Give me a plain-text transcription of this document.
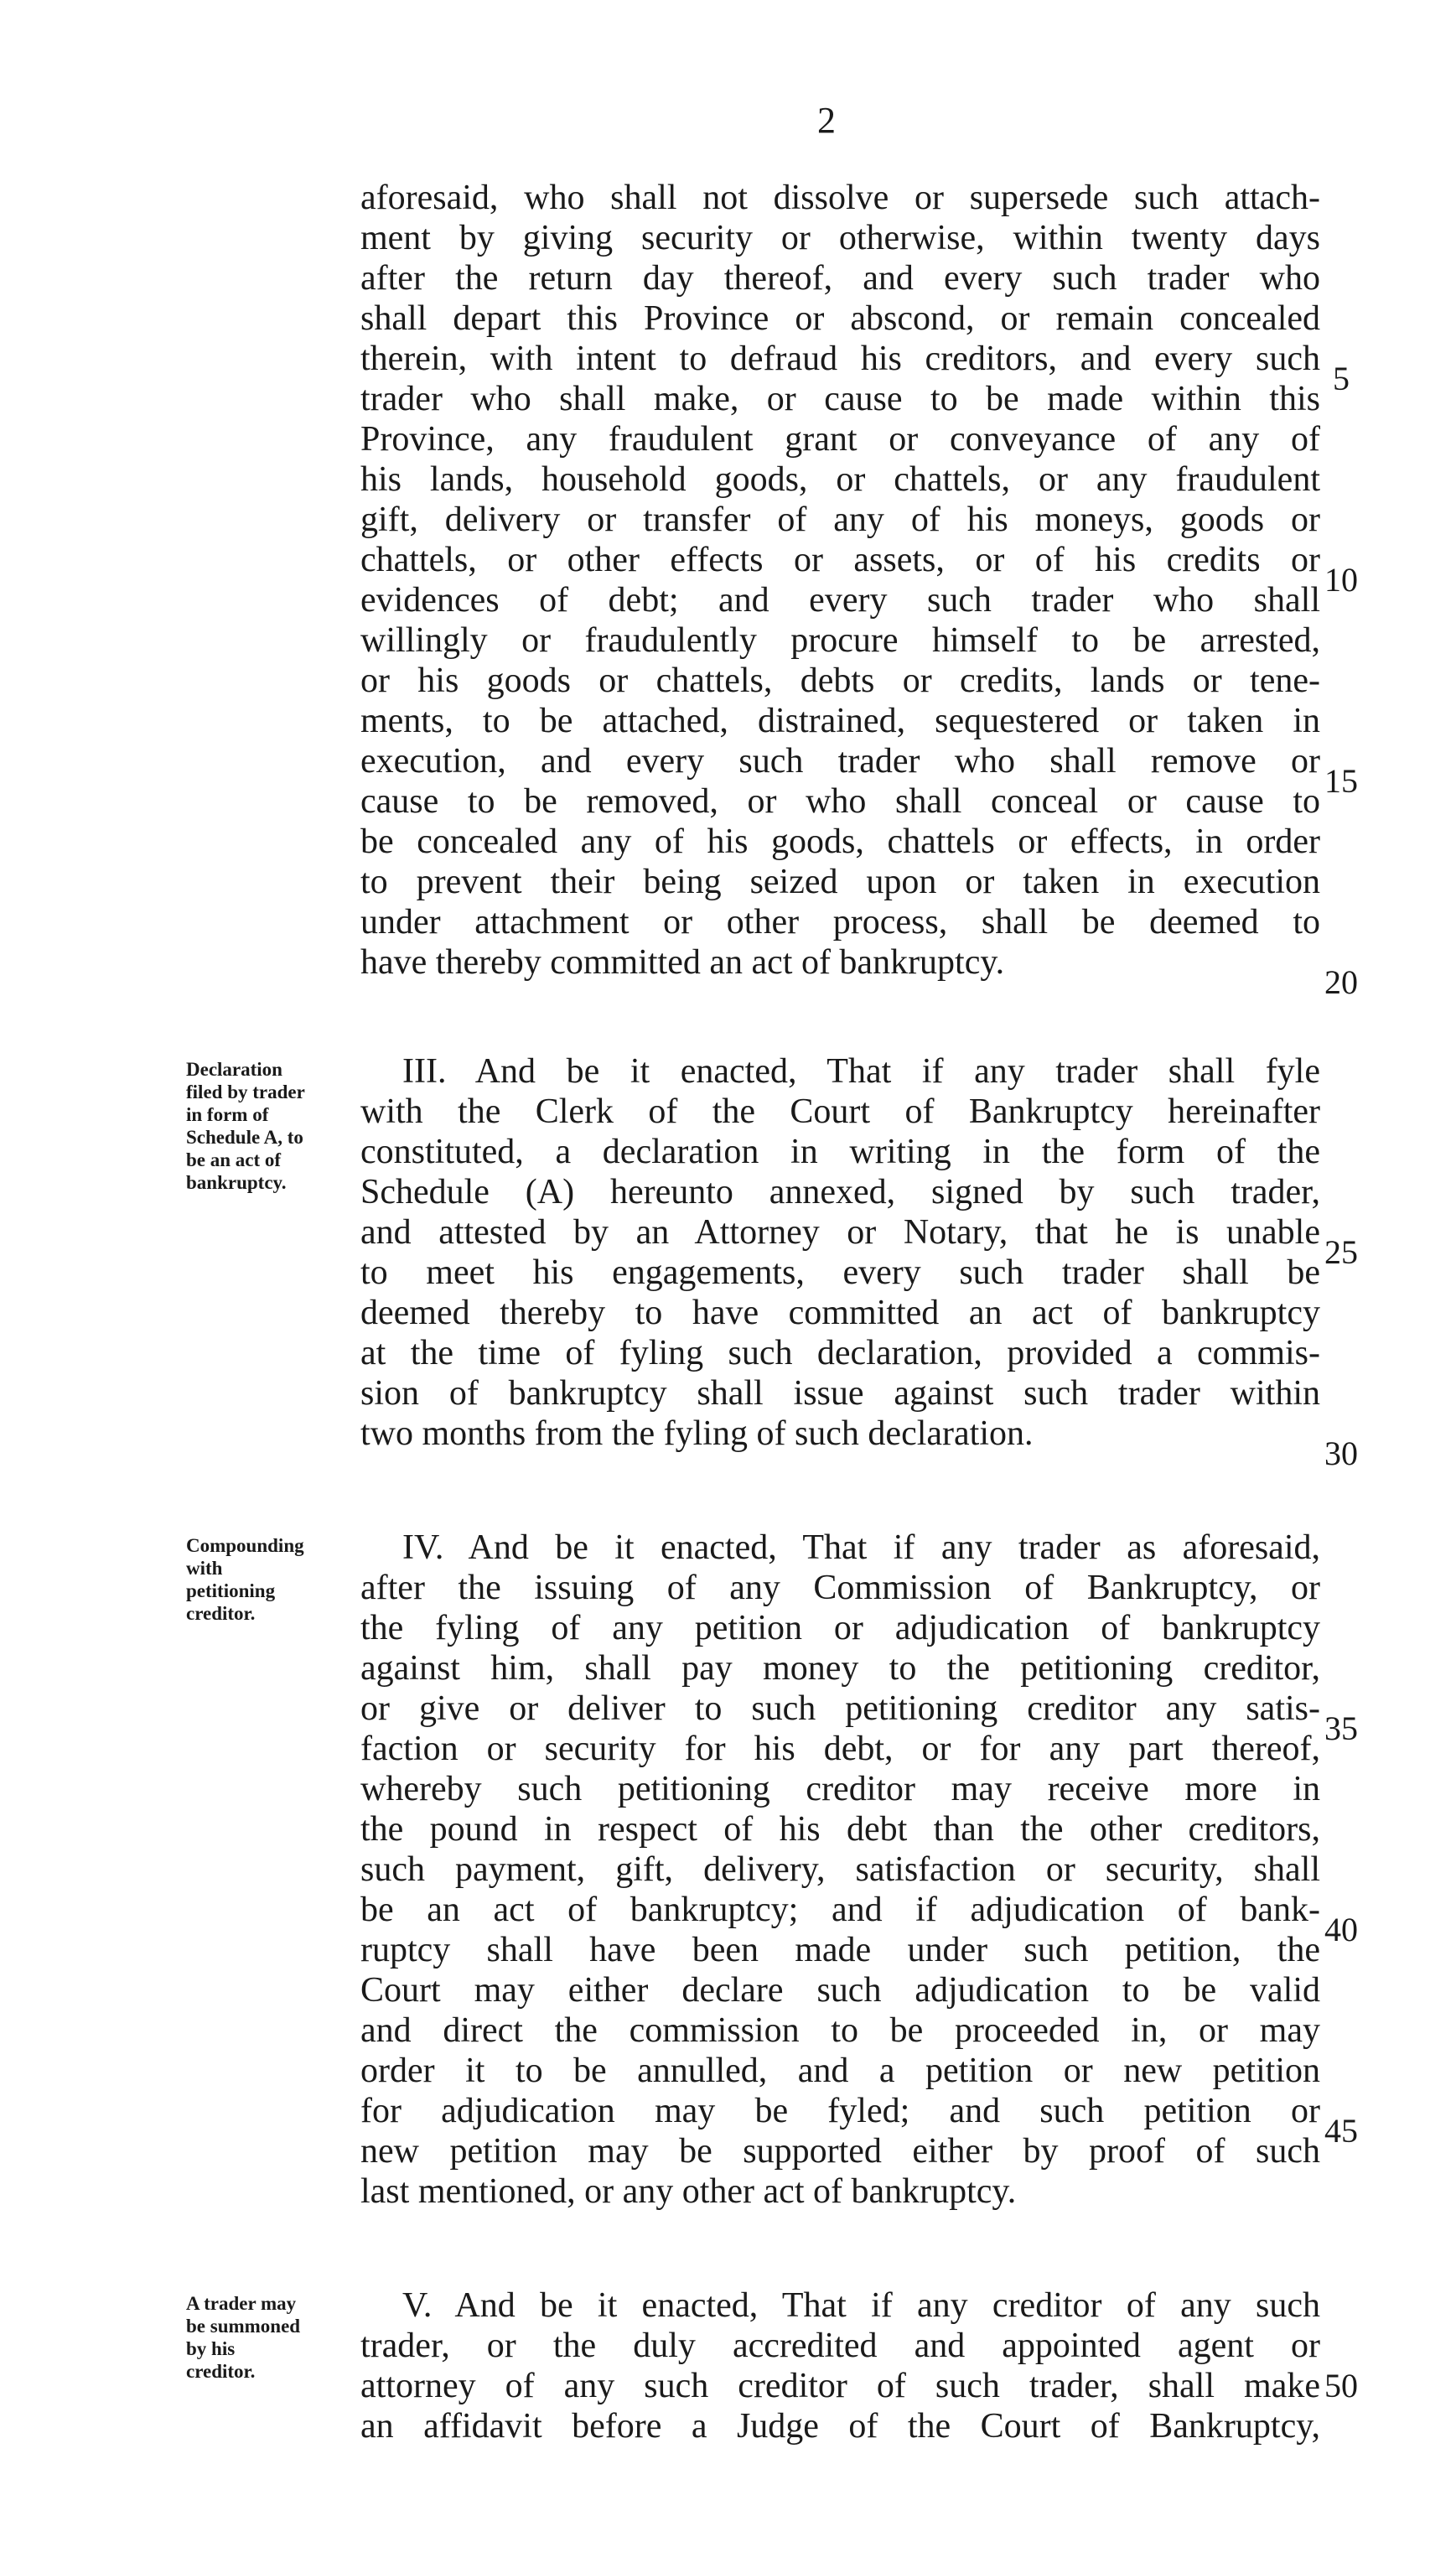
2
aforesaid, who shall not dissolve or supersede such attach-
ment by giving security or otherwise, within twenty days
after the return day thereof, and every such trader who
shall depart this Province or abscond, or remain concealed
therein, with intent to defraud his creditors, and every such
trader who shall make, or cause to be made within this
Province, any fraudulent grant or conveyance of any of
his lands, household goods, or chattels, or any fraudulent
gift, delivery or transfer of any of his moneys, goods or
chattels, or other effects or assets, or of his credits or
evidences of debt; and every such trader who shall
willingly or fraudulently procure himself to be arrested,
or his goods or chattels, debts or credits, lands or tene-
ments, to be attached, distrained, sequestered or taken in
execution, and every such trader who shall remove or
cause to be removed, or who shall conceal or cause to
be concealed any of his goods, chattels or effects, in order
to prevent their being seized upon or taken in execution
under attachment or other process, shall be deemed to
have thereby committed an act of bankruptcy.
Declaration
filed by trader
in form of
Schedule A, to
be an act of
bankruptcy.
III. And be it enacted, That if any trader shall fyle
with the Clerk of the Court of Bankruptcy hereinafter
constituted, a declaration in writing in the form of the
Schedule (A) hereunto annexed, signed by such trader,
and attested by an Attorney or Notary, that he is unable
to meet his engagements, every such trader shall be
deemed thereby to have committed an act of bankruptcy
at the time of fyling such declaration, provided a commis-
sion of bankruptcy shall issue against such trader within
two months from the fyling of such declaration.
Compounding
with
petitioning
creditor.
IV. And be it enacted, That if any trader as aforesaid,
after the issuing of any Commission of Bankruptcy, or
the fyling of any petition or adjudication of bankruptcy
against him, shall pay money to the petitioning creditor,
or give or deliver to such petitioning creditor any satis-
faction or security for his debt, or for any part thereof,
whereby such petitioning creditor may receive more in
the pound in respect of his debt than the other creditors,
such payment, gift, delivery, satisfaction or security, shall
be an act of bankruptcy; and if adjudication of bank-
ruptcy shall have been made under such petition, the
Court may either declare such adjudication to be valid
and direct the commission to be proceeded in, or may
order it to be annulled, and a petition or new petition
for adjudication may be fyled; and such petition or
new petition may be supported either by proof of such
last mentioned, or any other act of bankruptcy.
A trader may
be summoned
by his
creditor.
V. And be it enacted, That if any creditor of any such
trader, or the duly accredited and appointed agent or
attorney of any such creditor of such trader, shall make
an affidavit before a Judge of the Court of Bankruptcy,
5
10
15
20
25
30
35
40
45
50
